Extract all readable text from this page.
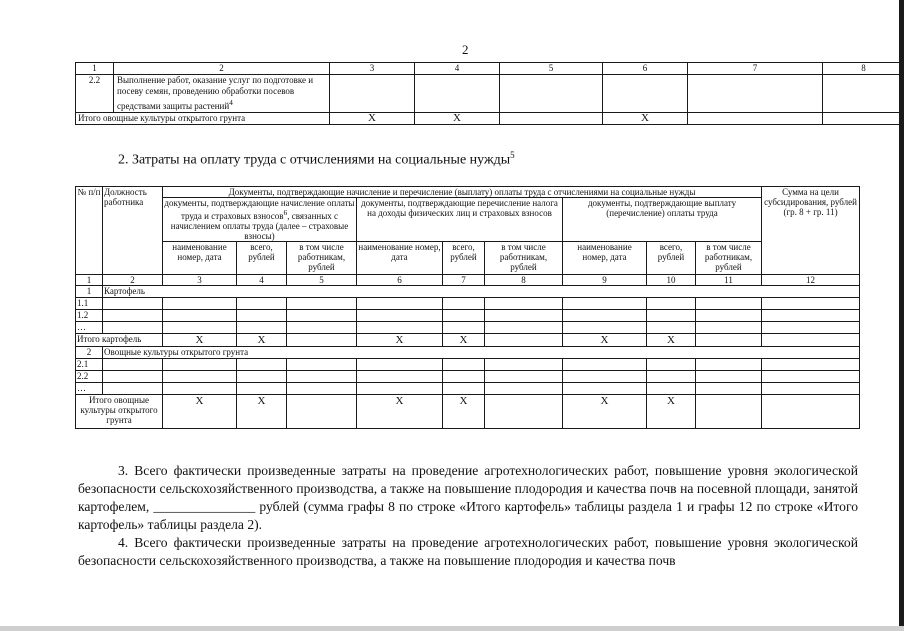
2
1	2	3	4	5	6	7	8
2.2	Выполнение работ, оказание услуг по подготовке и посеву семян, проведению обработки посевов средствами защиты растений$^4$						
Итого овощные культуры открытого грунта		X	X		X		
2. Затраты на оплату труда с отчислениями на социальные нужды$^5$
№ п/п	Должность работника	Документы, подтверждающие начисление и перечисление (выплату) оплаты труда с отчислениями на социальные нужды									Сумма на цели субсидирования, рублей (гр. 8 + гр. 11)
		документы, подтверждающие начисление оплаты труда и страховых взносов$^6$, связанных с начислением оплаты труда (далее – страховые взносы)			документы, подтверждающие перечисление налога на доходы физических лиц и страховых взносов			документы, подтверждающие выплату (перечисление) оплаты труда			
		наименование номер, дата	всего, рублей	в том числе работникам, рублей	наименование номер, дата	всего, рублей	в том числе работникам, рублей	наименование номер, дата	всего, рублей	в том числе работникам, рублей	
1	2	3	4	5	6	7	8	9	10	11	12
1	Картофель										
1.1											
1.2											
…											
Итого картофель		X	X		X	X		X	X		
2	Овощные культуры открытого грунта										
2.1											
2.2											
…											
Итого овощные культуры открытого грунта		X	X		X	X		X	X		
3. Всего фактически произведенные затраты на проведение агротехнологических работ, повышение уровня экологической безопасности сельскохозяйственного производства, а также на повышение плодородия и качества почв на посевной площади, занятой картофелем, _______________ рублей (сумма графы 8 по строке «Итого картофель» таблицы раздела 1 и графы 12 по строке «Итого картофель» таблицы раздела 2).
4. Всего фактически произведенные затраты на проведение агротехнологических работ, повышение уровня экологической безопасности сельскохозяйственного производства, а также на повышение плодородия и качества почв
